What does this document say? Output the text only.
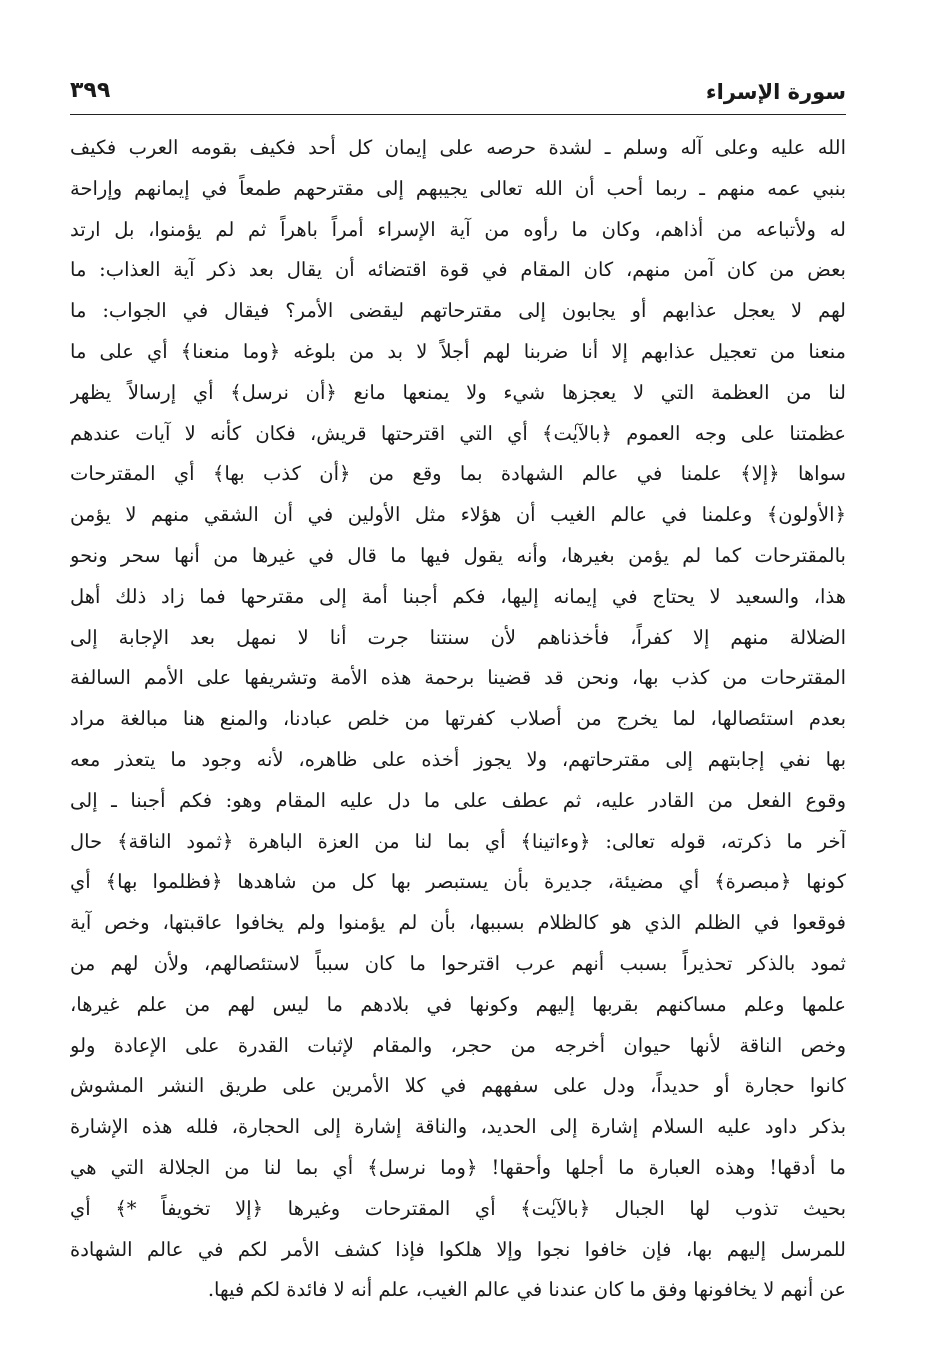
سورة الإسراء
٣٩٩
الله عليه وعلى آله وسلم ـ لشدة حرصه على إيمان كل أحد فكيف بقومه العرب فكيف
بنبي عمه منهم ـ ربما أحب أن الله تعالى يجيبهم إلى مقترحهم طمعاً في إيمانهم وإراحة
له ولأتباعه من أذاهم، وكان ما رأوه من آية الإسراء أمراً باهراً ثم لم يؤمنوا، بل ارتد
بعض من كان آمن منهم، كان المقام في قوة اقتضائه أن يقال بعد ذكر آية العذاب: ما
لهم لا يعجل عذابهم أو يجابون إلى مقترحاتهم ليقضى الأمر؟ فيقال في الجواب: ما
منعنا من تعجيل عذابهم إلا أنا ضربنا لهم أجلاً لا بد من بلوغه ﴿وما منعنا﴾ أي على ما
لنا من العظمة التي لا يعجزها شيء ولا يمنعها مانع ﴿أن نرسل﴾ أي إرسالاً يظهر
عظمتنا على وجه العموم ﴿بالآيٰت﴾ أي التي اقترحتها قريش، فكان كأنه لا آيات عندهم
سواها ﴿إلا﴾ علمنا في عالم الشهادة بما وقع من ﴿أن كذب بها﴾ أي المقترحات
﴿الأولون﴾ وعلمنا في عالم الغيب أن هؤلاء مثل الأولين في أن الشقي منهم لا يؤمن
بالمقترحات كما لم يؤمن بغيرها، وأنه يقول فيها ما قال في غيرها من أنها سحر ونحو
هذا، والسعيد لا يحتاج في إيمانه إليها، فكم أجبنا أمة إلى مقترحها فما زاد ذلك أهل
الضلالة منهم إلا كفراً، فأخذناهم لأن سنتنا جرت أنا لا نمهل بعد الإجابة إلى
المقترحات من كذب بها، ونحن قد قضينا برحمة هذه الأمة وتشريفها على الأمم السالفة
بعدم استئصالها، لما يخرج من أصلاب كفرتها من خلص عبادنا، والمنع هنا مبالغة مراد
بها نفي إجابتهم إلى مقترحاتهم، ولا يجوز أخذه على ظاهره، لأنه وجود ما يتعذر معه
وقوع الفعل من القادر عليه، ثم عطف على ما دل عليه المقام وهو: فكم أجبنا ـ إلى
آخر ما ذكرته، قوله تعالى: ﴿وءاتينا﴾ أي بما لنا من العزة الباهرة ﴿ثمود الناقة﴾ حال
كونها ﴿مبصرة﴾ أي مضيئة، جديرة بأن يستبصر بها كل من شاهدها ﴿فظلموا بها﴾ أي
فوقعوا في الظلم الذي هو كالظلام بسببها، بأن لم يؤمنوا ولم يخافوا عاقبتها، وخص آية
ثمود بالذكر تحذيراً بسبب أنهم عرب اقترحوا ما كان سبباً لاستئصالهم، ولأن لهم من
علمها وعلم مساكنهم بقربها إليهم وكونها في بلادهم ما ليس لهم من علم غيرها،
وخص الناقة لأنها حيوان أخرجه من حجر، والمقام لإثبات القدرة على الإعادة ولو
كانوا حجارة أو حديداً، ودل على سفههم في كلا الأمرين على طريق النشر المشوش
بذكر داود عليه السلام إشارة إلى الحديد، والناقة إشارة إلى الحجارة، فلله هذه الإشارة
ما أدقها! وهذه العبارة ما أجلها وأحقها! ﴿وما نرسل﴾ أي بما لنا من الجلالة التي هي
بحيث تذوب لها الجبال ﴿بالآيٰت﴾ أي المقترحات وغيرها ﴿إلا تخويفاً *﴾ أي
للمرسل إليهم بها، فإن خافوا نجوا وإلا هلكوا فإذا كشف الأمر لكم في عالم الشهادة
عن أنهم لا يخافونها وفق ما كان عندنا في عالم الغيب، علم أنه لا فائدة لكم فيها.
